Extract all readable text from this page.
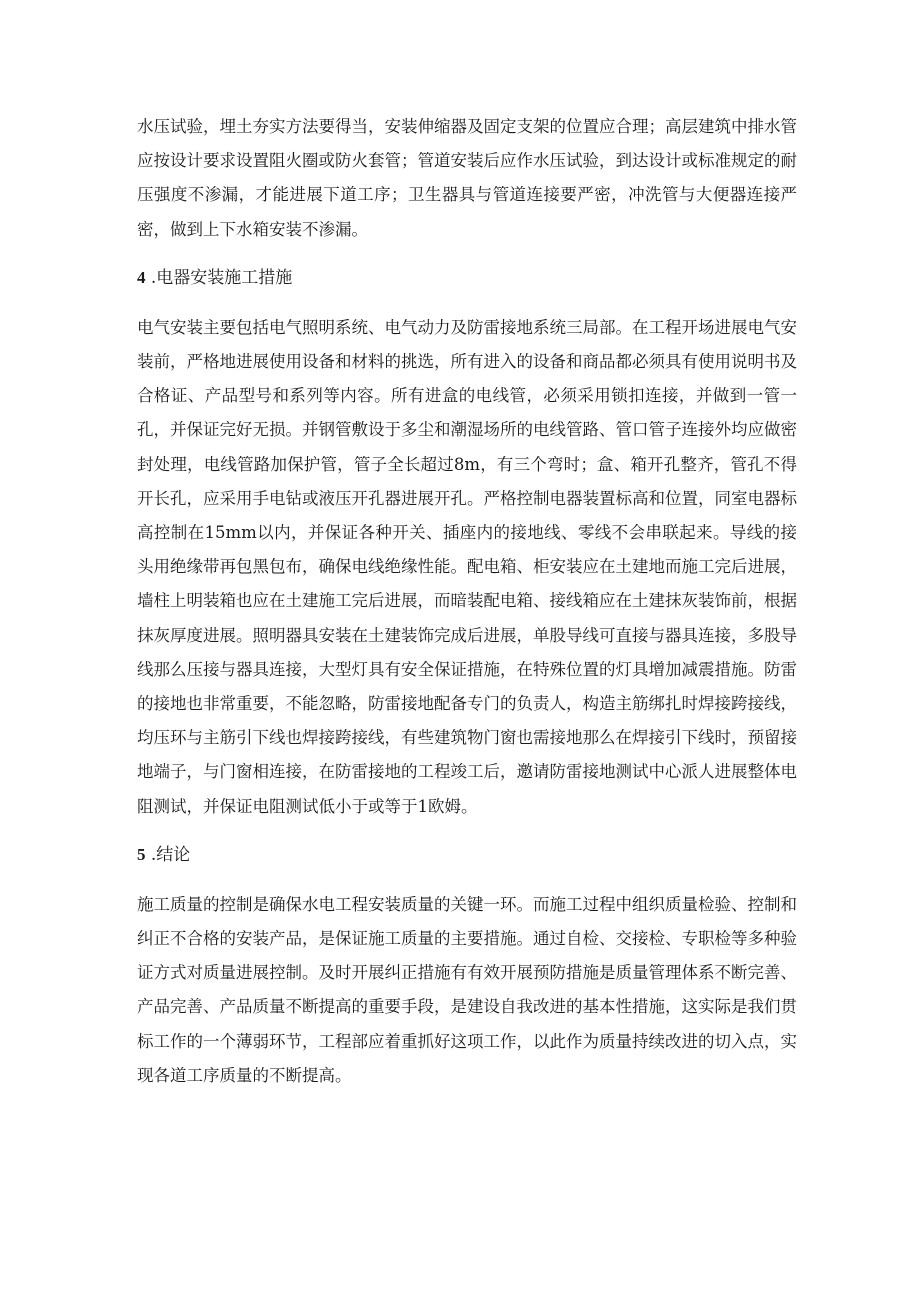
水压试验，埋土夯实方法要得当，安装伸缩器及固定支架的位置应合理；高层建筑中排水管应按设计要求设置阻火圈或防火套管；管道安装后应作水压试验，到达设计或标准规定的耐压强度不渗漏，才能进展下道工序；卫生器具与管道连接要严密，冲洗管与大便器连接严密，做到上下水箱安装不渗漏。

4 .电器安装施工措施

电气安装主要包括电气照明系统、电气动力及防雷接地系统三局部。在工程开场进展电气安装前，严格地进展使用设备和材料的挑选，所有进入的设备和商品都必须具有使用说明书及合格证、产品型号和系列等内容。所有进盒的电线管，必须采用锁扣连接，并做到一管一孔，并保证完好无损。并钢管敷设于多尘和潮湿场所的电线管路、管口管子连接外均应做密封处理，电线管路加保护管，管子全长超过8m，有三个弯时；盒、箱开孔整齐，管孔不得开长孔，应采用手电钻或液压开孔器进展开孔。严格控制电器装置标高和位置，同室电器标高控制在15mm以内，并保证各种开关、插座内的接地线、零线不会串联起来。导线的接头用绝缘带再包黑包布，确保电线绝缘性能。配电箱、柜安装应在土建地而施工完后进展，墙柱上明装箱也应在土建施工完后进展，而暗装配电箱、接线箱应在土建抹灰装饰前，根据抹灰厚度进展。照明器具安装在土建装饰完成后进展，单股导线可直接与器具连接，多股导线那么压接与器具连接，大型灯具有安全保证措施，在特殊位置的灯具增加减震措施。防雷的接地也非常重要，不能忽略，防雷接地配备专门的负责人，构造主筋绑扎时焊接跨接线，均压环与主筋引下线也焊接跨接线，有些建筑物门窗也需接地那么在焊接引下线时，预留接地端子，与门窗相连接，在防雷接地的工程竣工后，邀请防雷接地测试中心派人进展整体电阻测试，并保证电阻测试低小于或等于1欧姆。

5 .结论

施工质量的控制是确保水电工程安装质量的关键一环。而施工过程中组织质量检验、控制和纠正不合格的安装产品，是保证施工质量的主要措施。通过自检、交接检、专职检等多种验证方式对质量进展控制。及时开展纠正措施有有效开展预防措施是质量管理体系不断完善、产品完善、产品质量不断提高的重要手段，是建设自我改进的基本性措施，这实际是我们贯标工作的一个薄弱环节，工程部应着重抓好这项工作，以此作为质量持续改进的切入点，实现各道工序质量的不断提高。
